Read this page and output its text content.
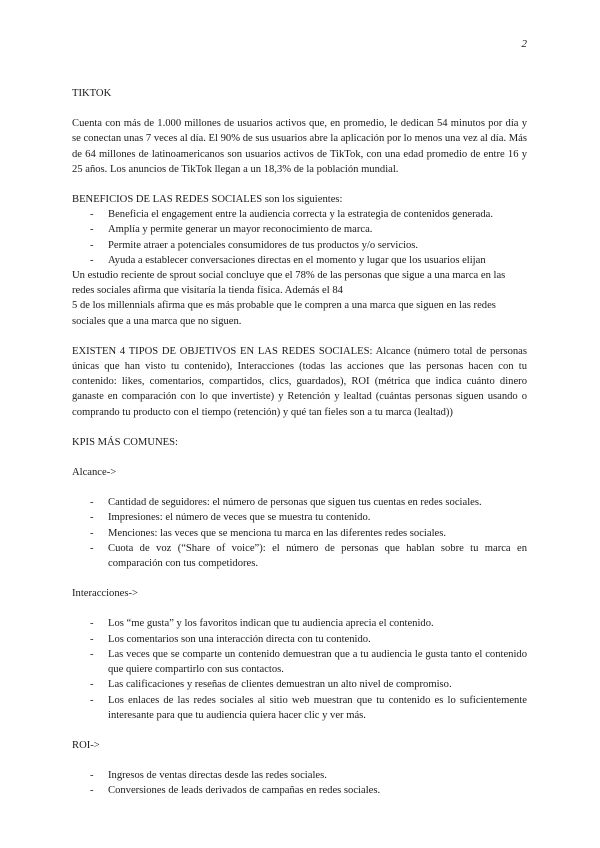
2

TIKTOK

Cuenta con más de 1.000 millones de usuarios activos que, en promedio, le dedican 54 minutos por día y se conectan unas 7 veces al día. El 90% de sus usuarios abre la aplicación por lo menos una vez al día. Más de 64 millones de latinoamericanos son usuarios activos de TikTok, con una edad promedio de entre 16 y 25 años. Los anuncios de TikTok llegan a un 18,3% de la población mundial.

BENEFICIOS DE LAS REDES SOCIALES son los siguientes:

- Beneficia el engagement entre la audiencia correcta y la estrategia de contenidos generada.
- Amplía y permite generar un mayor reconocimiento de marca.
- Permite atraer a potenciales consumidores de tus productos y/o servicios.
- Ayuda a establecer conversaciones directas en el momento y lugar que los usuarios elijan

Un estudio reciente de sprout social concluye que el 78% de las personas que sigue a una marca en las redes sociales afirma que visitaría la tienda física. Además el 84

5 de los millennials afirma que es más probable que le compren a una marca que siguen en las redes sociales que a una marca que no siguen.

EXISTEN 4 TIPOS DE OBJETIVOS EN LAS REDES SOCIALES: Alcance (número total de personas únicas que han visto tu contenido), Interacciones (todas las acciones que las personas hacen con tu contenido: likes, comentarios, compartidos, clics, guardados), ROI (métrica que indica cuánto dinero ganaste en comparación con lo que invertiste) y Retención y lealtad (cuántas personas siguen usando o comprando tu producto con el tiempo (retención) y qué tan fieles son a tu marca (lealtad))

KPIS MÁS COMUNES:

Alcance->

- Cantidad de seguidores: el número de personas que siguen tus cuentas en redes sociales.
- Impresiones: el número de veces que se muestra tu contenido.
- Menciones: las veces que se menciona tu marca en las diferentes redes sociales.
- Cuota de voz (“Share of voice”): el número de personas que hablan sobre tu marca en comparación con tus competidores.

Interacciones->

- Los “me gusta” y los favoritos indican que tu audiencia aprecia el contenido.
- Los comentarios son una interacción directa con tu contenido.
- Las veces que se comparte un contenido demuestran que a tu audiencia le gusta tanto el contenido que quiere compartirlo con sus contactos.
- Las calificaciones y reseñas de clientes demuestran un alto nivel de compromiso.
- Los enlaces de las redes sociales al sitio web muestran que tu contenido es lo suficientemente interesante para que tu audiencia quiera hacer clic y ver más.

ROI->

- Ingresos de ventas directas desde las redes sociales.
- Conversiones de leads derivados de campañas en redes sociales.
